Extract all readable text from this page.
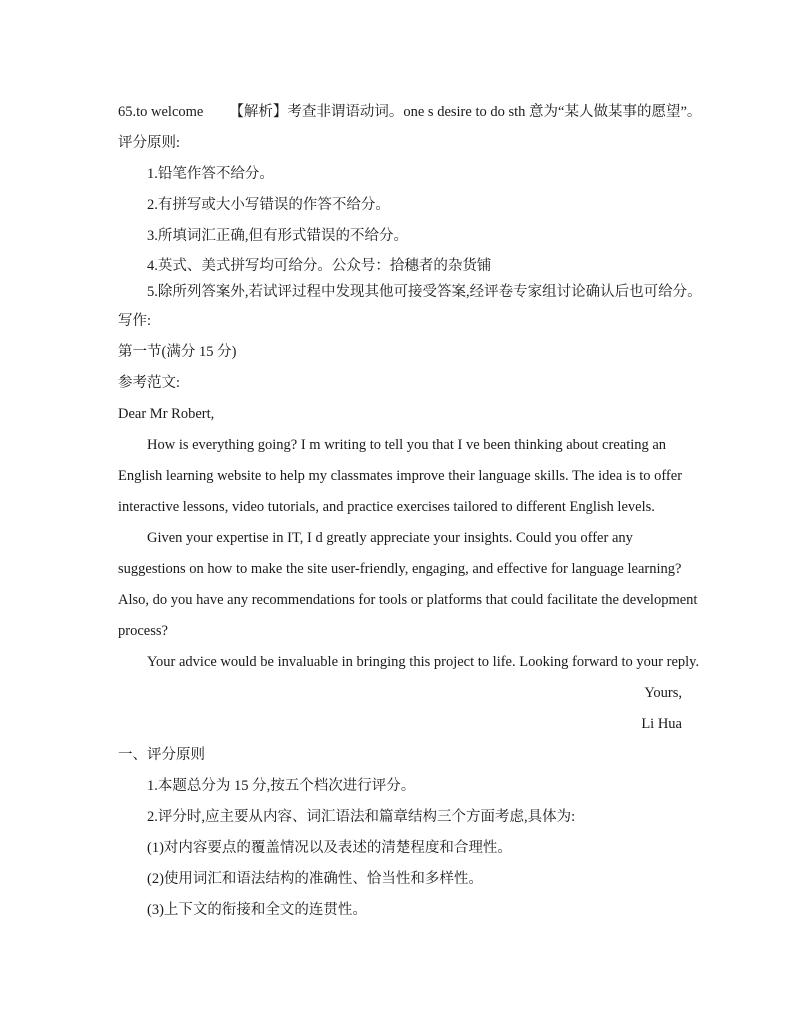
65.to welcome 【解析】考查非谓语动词。one s desire to do sth 意为“某人做某事的愿望”。
评分原则:
1.铅笔作答不给分。
2.有拼写或大小写错误的作答不给分。
3.所填词汇正确,但有形式错误的不给分。
4.英式、美式拼写均可给分。公众号：拾穗者的杂货铺
5.除所列答案外,若试评过程中发现其他可接受答案,经评卷专家组讨论确认后也可给分。
写作:
第一节(满分 15 分)
参考范文:
Dear Mr Robert,
How is everything going? I m writing to tell you that I ve been thinking about creating an
English learning website to help my classmates improve their language skills. The idea is to offer
interactive lessons, video tutorials, and practice exercises tailored to different English levels.
Given your expertise in IT, I d greatly appreciate your insights. Could you offer any
suggestions on how to make the site user-friendly, engaging, and effective for language learning?
Also, do you have any recommendations for tools or platforms that could facilitate the development
process?
Your advice would be invaluable in bringing this project to life. Looking forward to your reply.
Yours,
Li Hua
一、评分原则
1.本题总分为 15 分,按五个档次进行评分。
2.评分时,应主要从内容、词汇语法和篇章结构三个方面考虑,具体为:
(1)对内容要点的覆盖情况以及表述的清楚程度和合理性。
(2)使用词汇和语法结构的准确性、恰当性和多样性。
(3)上下文的衔接和全文的连贯性。
